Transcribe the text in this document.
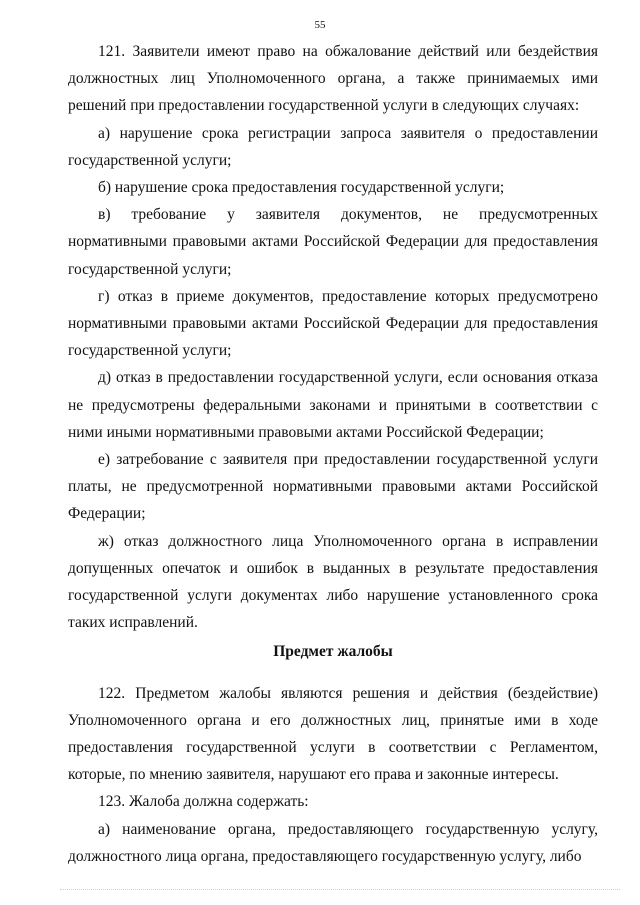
55

121. Заявители имеют право на обжалование действий или бездействия должностных лиц Уполномоченного органа, а также принимаемых ими решений при предоставлении государственной услуги в следующих случаях:

а) нарушение срока регистрации запроса заявителя о предоставлении государственной услуги;

б) нарушение срока предоставления государственной услуги;

в) требование у заявителя документов, не предусмотренных нормативными правовыми актами Российской Федерации для предоставления государственной услуги;

г) отказ в приеме документов, предоставление которых предусмотрено нормативными правовыми актами Российской Федерации для предоставления государственной услуги;

д) отказ в предоставлении государственной услуги, если основания отказа не предусмотрены федеральными законами и принятыми в соответствии с ними иными нормативными правовыми актами Российской Федерации;

е) затребование с заявителя при предоставлении государственной услуги платы, не предусмотренной нормативными правовыми актами Российской Федерации;

ж) отказ должностного лица Уполномоченного органа в исправлении допущенных опечаток и ошибок в выданных в результате предоставления государственной услуги документах либо нарушение установленного срока таких исправлений.

Предмет жалобы

122. Предметом жалобы являются решения и действия (бездействие) Уполномоченного органа и его должностных лиц, принятые ими в ходе предоставления государственной услуги в соответствии с Регламентом, которые, по мнению заявителя, нарушают его права и законные интересы.

123. Жалоба должна содержать:

а) наименование органа, предоставляющего государственную услугу, должностного лица органа, предоставляющего государственную услугу, либо
